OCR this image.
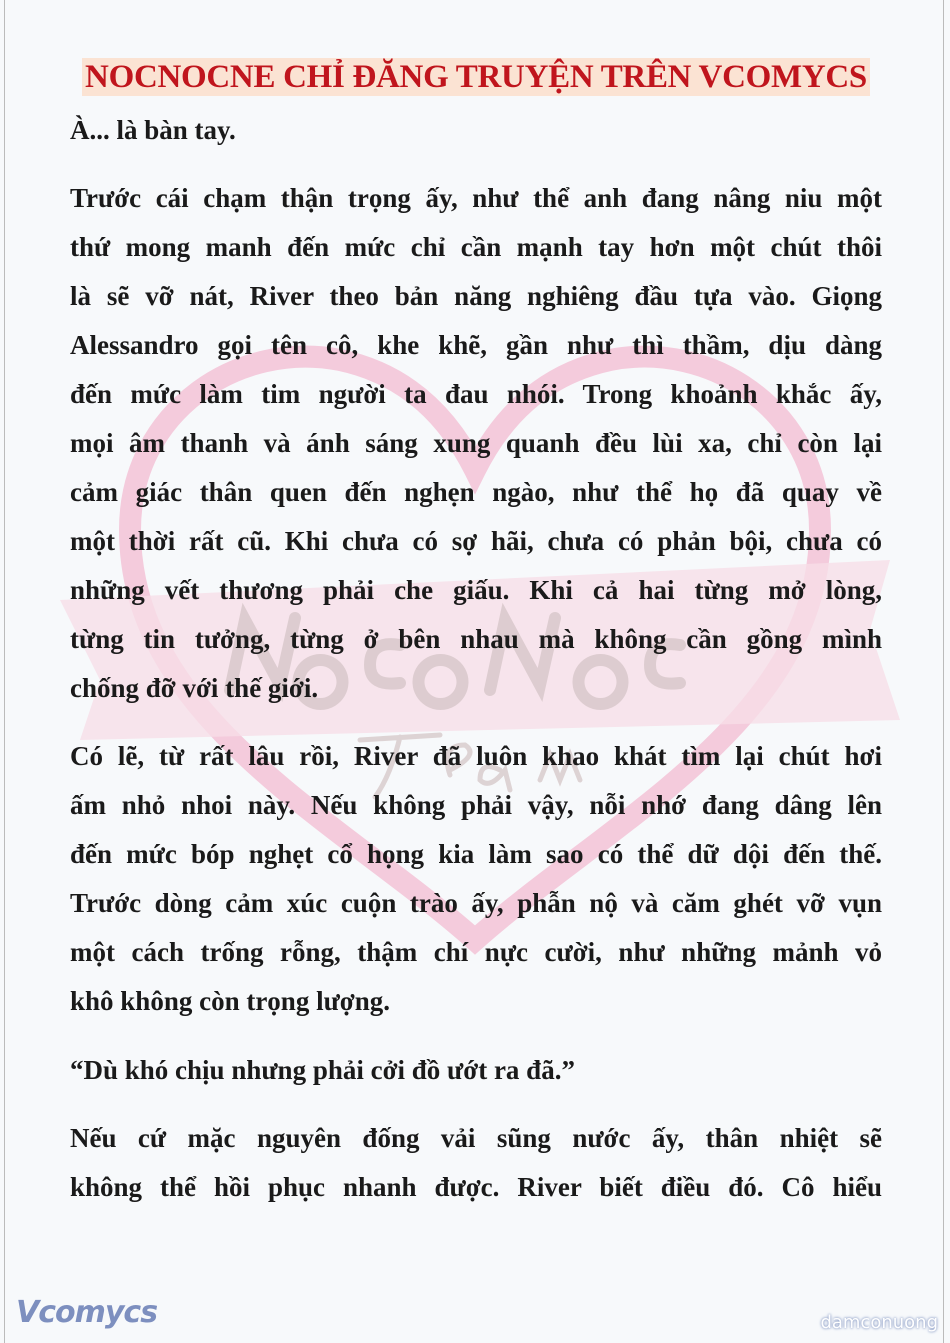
NOCNOCNE CHỈ ĐĂNG TRUYỆN TRÊN VCOMYCS
À... là bàn tay.
Trước cái chạm thận trọng ấy, như thể anh đang nâng niu một
thứ mong manh đến mức chỉ cần mạnh tay hơn một chút thôi
là sẽ vỡ nát, River theo bản năng nghiêng đầu tựa vào. Giọng
Alessandro gọi tên cô, khe khẽ, gần như thì thầm, dịu dàng
đến mức làm tim người ta đau nhói. Trong khoảnh khắc ấy,
mọi âm thanh và ánh sáng xung quanh đều lùi xa, chỉ còn lại
cảm giác thân quen đến nghẹn ngào, như thể họ đã quay về
một thời rất cũ. Khi chưa có sợ hãi, chưa có phản bội, chưa có
những vết thương phải che giấu. Khi cả hai từng mở lòng,
từng tin tưởng, từng ở bên nhau mà không cần gồng mình
chống đỡ với thế giới.
Có lẽ, từ rất lâu rồi, River đã luôn khao khát tìm lại chút hơi
ấm nhỏ nhoi này. Nếu không phải vậy, nỗi nhớ đang dâng lên
đến mức bóp nghẹt cổ họng kia làm sao có thể dữ dội đến thế.
Trước dòng cảm xúc cuộn trào ấy, phẫn nộ và căm ghét vỡ vụn
một cách trống rỗng, thậm chí nực cười, như những mảnh vỏ
khô không còn trọng lượng.
“Dù khó chịu nhưng phải cởi đồ ướt ra đã.”
Nếu cứ mặc nguyên đống vải sũng nước ấy, thân nhiệt sẽ
không thể hồi phục nhanh được. River biết điều đó. Cô hiểu
Vcomycs	damconuong
